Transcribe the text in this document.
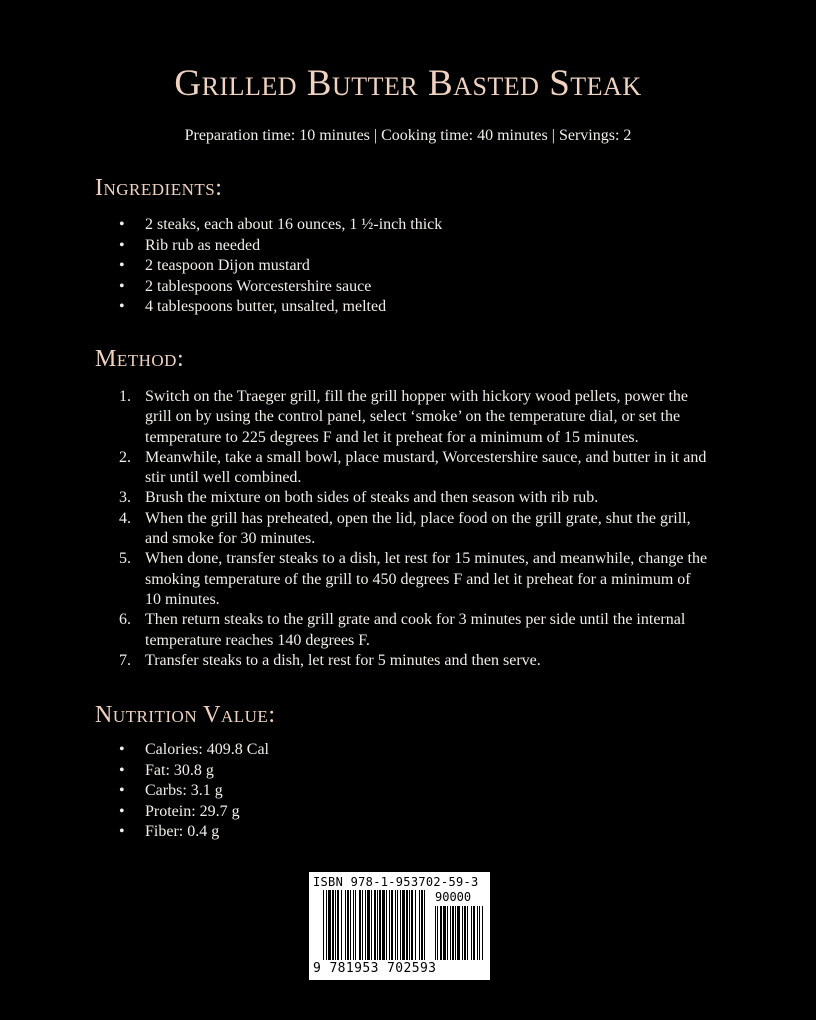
Grilled Butter Basted Steak
Preparation time: 10 minutes | Cooking time: 40 minutes | Servings: 2
Ingredients:
• 2 steaks, each about 16 ounces, 1 ½-inch thick
• Rib rub as needed
• 2 teaspoon Dijon mustard
• 2 tablespoons Worcestershire sauce
• 4 tablespoons butter, unsalted, melted
Method:
1. Switch on the Traeger grill, fill the grill hopper with hickory wood pellets, power the grill on by using the control panel, select ‘smoke’ on the temperature dial, or set the temperature to 225 degrees F and let it preheat for a minimum of 15 minutes.
2. Meanwhile, take a small bowl, place mustard, Worcestershire sauce, and butter in it and stir until well combined.
3. Brush the mixture on both sides of steaks and then season with rib rub.
4. When the grill has preheated, open the lid, place food on the grill grate, shut the grill, and smoke for 30 minutes.
5. When done, transfer steaks to a dish, let rest for 15 minutes, and meanwhile, change the smoking temperature of the grill to 450 degrees F and let it preheat for a minimum of 10 minutes.
6. Then return steaks to the grill grate and cook for 3 minutes per side until the internal temperature reaches 140 degrees F.
7. Transfer steaks to a dish, let rest for 5 minutes and then serve.
Nutrition Value:
• Calories: 409.8 Cal
• Fat: 30.8 g
• Carbs: 3.1 g
• Protein: 29.7 g
• Fiber: 0.4 g
ISBN 978-1-953702-59-3
90000
9 781953 702593
